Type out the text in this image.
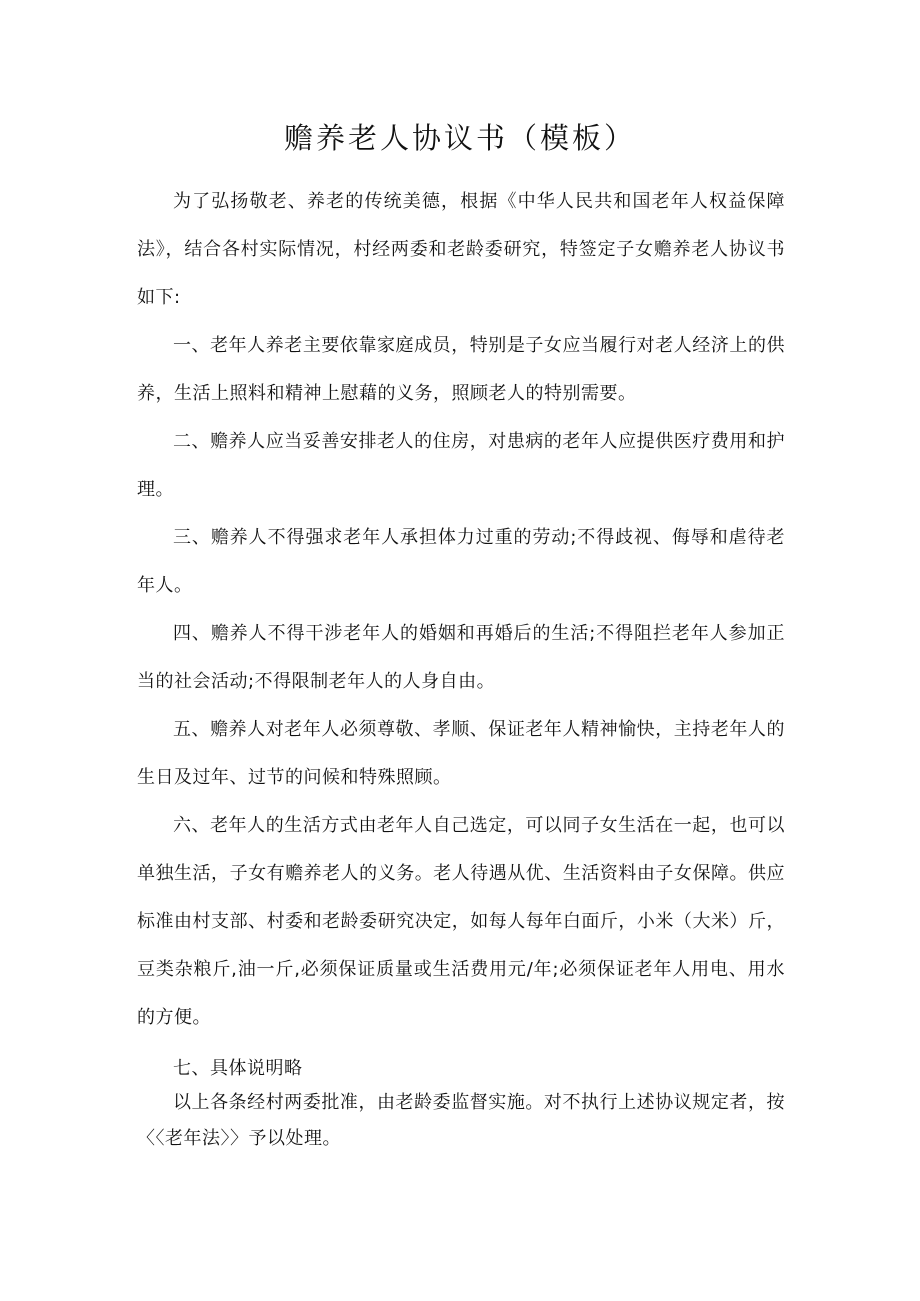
赡养老人协议书（模板）

为了弘扬敬老、养老的传统美德，根据《中华人民共和国老年人权益保障法》，结合各村实际情况，村经两委和老龄委研究，特签定子女赡养老人协议书如下:

一、老年人养老主要依靠家庭成员，特别是子女应当履行对老人经济上的供养，生活上照料和精神上慰藉的义务，照顾老人的特别需要。

二、赡养人应当妥善安排老人的住房，对患病的老年人应提供医疗费用和护理。

三、赡养人不得强求老年人承担体力过重的劳动;不得歧视、侮辱和虐待老年人。

四、赡养人不得干涉老年人的婚姻和再婚后的生活;不得阻拦老年人参加正当的社会活动;不得限制老年人的人身自由。

五、赡养人对老年人必须尊敬、孝顺、保证老年人精神愉快，主持老年人的生日及过年、过节的问候和特殊照顾。

六、老年人的生活方式由老年人自己选定，可以同子女生活在一起，也可以单独生活，子女有赡养老人的义务。老人待遇从优、生活资料由子女保障。供应标准由村支部、村委和老龄委研究决定，如每人每年白面斤，小米（大米）斤，豆类杂粮斤,油一斤,必须保证质量或生活费用元/年;必须保证老年人用电、用水的方便。

七、具体说明略

以上各条经村两委批准，由老龄委监督实施。对不执行上述协议规定者，按〈〈老年法〉〉予以处理。
